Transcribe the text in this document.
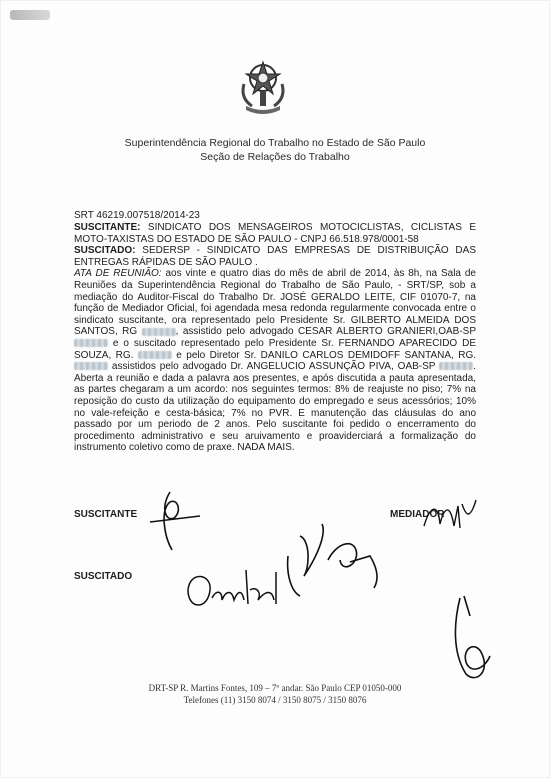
Superintendência Regional do Trabalho no Estado de São Paulo
Seção de Relações do Trabalho
SRT 46219.007518/2014-23
SUSCITANTE: SINDICATO DOS MENSAGEIROS MOTOCICLISTAS, CICLISTAS E MOTO-TAXISTAS DO ESTADO DE SÃO PAULO - CNPJ 66.518.978/0001-58
SUSCITADO: SEDERSP - SINDICATO DAS EMPRESAS DE DISTRIBUIÇÃO DAS ENTREGAS RÁPIDAS DE SÃO PAULO .
ATA DE REUNIÃO: aos vinte e quatro dias do mês de abril de 2014, às 8h, na Sala de Reuniões da Superintendência Regional do Trabalho de São Paulo, - SRT/SP, sob a mediação do Auditor-Fiscal do Trabalho Dr. JOSÉ GERALDO LEITE, CIF 01070-7, na função de Mediador Oficial, foi agendada mesa redonda regularmente convocada entre o sindicato suscitante, ora representado pelo Presidente Sr. GILBERTO ALMEIDA DOS SANTOS, RG	, assistido pelo advogado CESAR ALBERTO GRANIERI,OAB-SP  e o suscitado representado pelo Presidente Sr. FERNANDO APARECIDO DE SOUZA, RG.	e pelo Diretor Sr. DANILO CARLOS DEMIDOFF SANTANA, RG.  assistidos pelo advogado Dr. ANGELUCIO ASSUNÇÃO PIVA, OAB-SP	. Aberta a reunião e dada a palavra aos presentes, e após discutida a pauta apresentada, as partes chegaram a um acordo: nos seguintes termos: 8% de reajuste no piso; 7% na reposição do custo da utilização do equipamento do empregado e seus acessórios; 10% no vale-refeição e cesta-básica; 7% no PVR. E manutenção das cláusulas do ano passado por um periodo de 2 anos. Pelo suscitante foi pedido o encerramento do procedimento administrativo e seu aruivamento e proaviderciará a formalização do instrumento coletivo como de praxe. NADA MAIS.
SUSCITANTE	MEDIADOR
SUSCITADO
DRT-SP R. Martins Fontes, 109 – 7º andar. São Paulo CEP 01050-000
Telefones (11) 3150 8074 / 3150 8075 / 3150 8076
